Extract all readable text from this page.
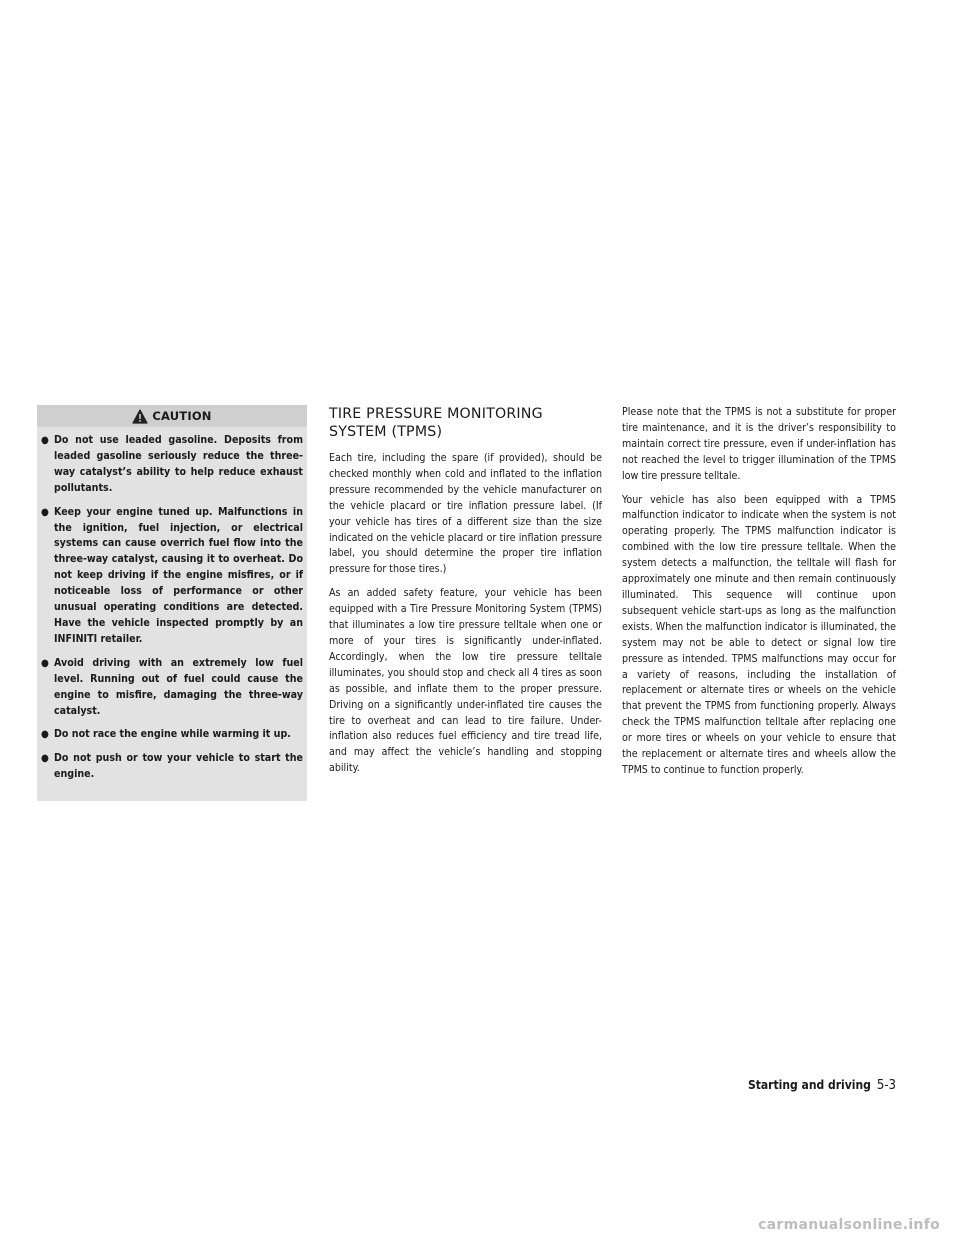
CAUTION
● Do not use leaded gasoline. Deposits from leaded gasoline seriously reduce the three-way catalyst’s ability to help reduce exhaust pollutants.
● Keep your engine tuned up. Malfunctions in the ignition, fuel injection, or electrical systems can cause overrich fuel flow into the three-way catalyst, causing it to overheat. Do not keep driving if the engine misfires, or if noticeable loss of performance or other unusual operating conditions are detected. Have the vehicle inspected promptly by an INFINITI retailer.
● Avoid driving with an extremely low fuel level. Running out of fuel could cause the engine to misfire, damaging the three-way catalyst.
● Do not race the engine while warming it up.
● Do not push or tow your vehicle to start the engine.
TIRE PRESSURE MONITORING SYSTEM (TPMS)

Each tire, including the spare (if provided), should be checked monthly when cold and inflated to the inflation pressure recommended by the vehicle manufacturer on the vehicle placard or tire inflation pressure label. (If your vehicle has tires of a different size than the size indicated on the vehicle placard or tire inflation pressure label, you should determine the proper tire inflation pressure for those tires.)

As an added safety feature, your vehicle has been equipped with a Tire Pressure Monitoring System (TPMS) that illuminates a low tire pressure telltale when one or more of your tires is significantly under-inflated. Accordingly, when the low tire pressure telltale illuminates, you should stop and check all 4 tires as soon as possible, and inflate them to the proper pressure. Driving on a significantly under-inflated tire causes the tire to overheat and can lead to tire failure. Under-inflation also reduces fuel efficiency and tire tread life, and may affect the vehicle’s handling and stopping ability.

Please note that the TPMS is not a substitute for proper tire maintenance, and it is the driver’s responsibility to maintain correct tire pressure, even if under-inflation has not reached the level to trigger illumination of the TPMS low tire pressure telltale.

Your vehicle has also been equipped with a TPMS malfunction indicator to indicate when the system is not operating properly. The TPMS malfunction indicator is combined with the low tire pressure telltale. When the system detects a malfunction, the telltale will flash for approximately one minute and then remain continuously illuminated. This sequence will continue upon subsequent vehicle start-ups as long as the malfunction exists. When the malfunction indicator is illuminated, the system may not be able to detect or signal low tire pressure as intended. TPMS malfunctions may occur for a variety of reasons, including the installation of replacement or alternate tires or wheels on the vehicle that prevent the TPMS from functioning properly. Always check the TPMS malfunction telltale after replacing one or more tires or wheels on your vehicle to ensure that the replacement or alternate tires and wheels allow the TPMS to continue to function properly.

Starting and driving 5-3
carmanualsonline.info
